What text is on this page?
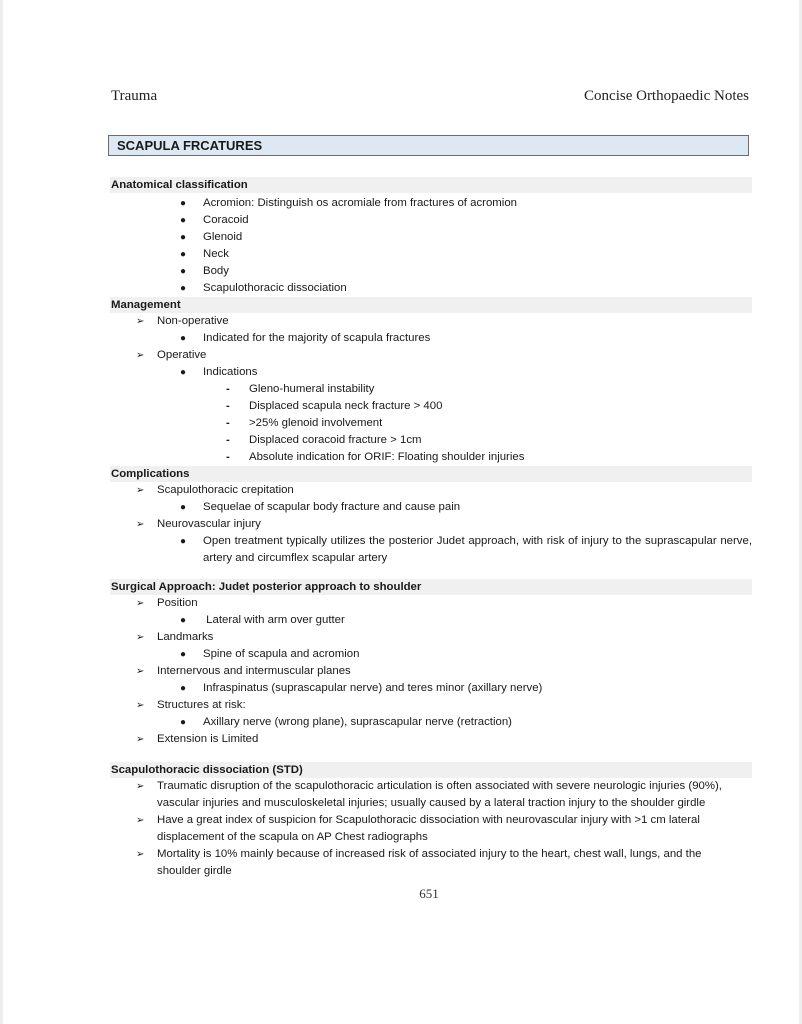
Trauma	Concise Orthopaedic Notes
SCAPULA FRCATURES
Anatomical classification
● Acromion: Distinguish os acromiale from fractures of acromion
● Coracoid
● Glenoid
● Neck
● Body
● Scapulothoracic dissociation
Management
➢ Non-operative
● Indicated for the majority of scapula fractures
➢ Operative
● Indications
- Gleno-humeral instability
- Displaced scapula neck fracture > 400
- >25% glenoid involvement
- Displaced coracoid fracture > 1cm
- Absolute indication for ORIF: Floating shoulder injuries
Complications
➢ Scapulothoracic crepitation
● Sequelae of scapular body fracture and cause pain
➢ Neurovascular injury
● Open treatment typically utilizes the posterior Judet approach, with risk of injury to the suprascapular nerve, artery and circumflex scapular artery
Surgical Approach: Judet posterior approach to shoulder
➢ Position
● Lateral with arm over gutter
➢ Landmarks
● Spine of scapula and acromion
➢ Internervous and intermuscular planes
● Infraspinatus (suprascapular nerve) and teres minor (axillary nerve)
➢ Structures at risk:
● Axillary nerve (wrong plane), suprascapular nerve (retraction)
➢ Extension is Limited
Scapulothoracic dissociation (STD)
➢ Traumatic disruption of the scapulothoracic articulation is often associated with severe neurologic injuries (90%), vascular injuries and musculoskeletal injuries; usually caused by a lateral traction injury to the shoulder girdle
➢ Have a great index of suspicion for Scapulothoracic dissociation with neurovascular injury with >1 cm lateral displacement of the scapula on AP Chest radiographs
➢ Mortality is 10% mainly because of increased risk of associated injury to the heart, chest wall, lungs, and the shoulder girdle
651
